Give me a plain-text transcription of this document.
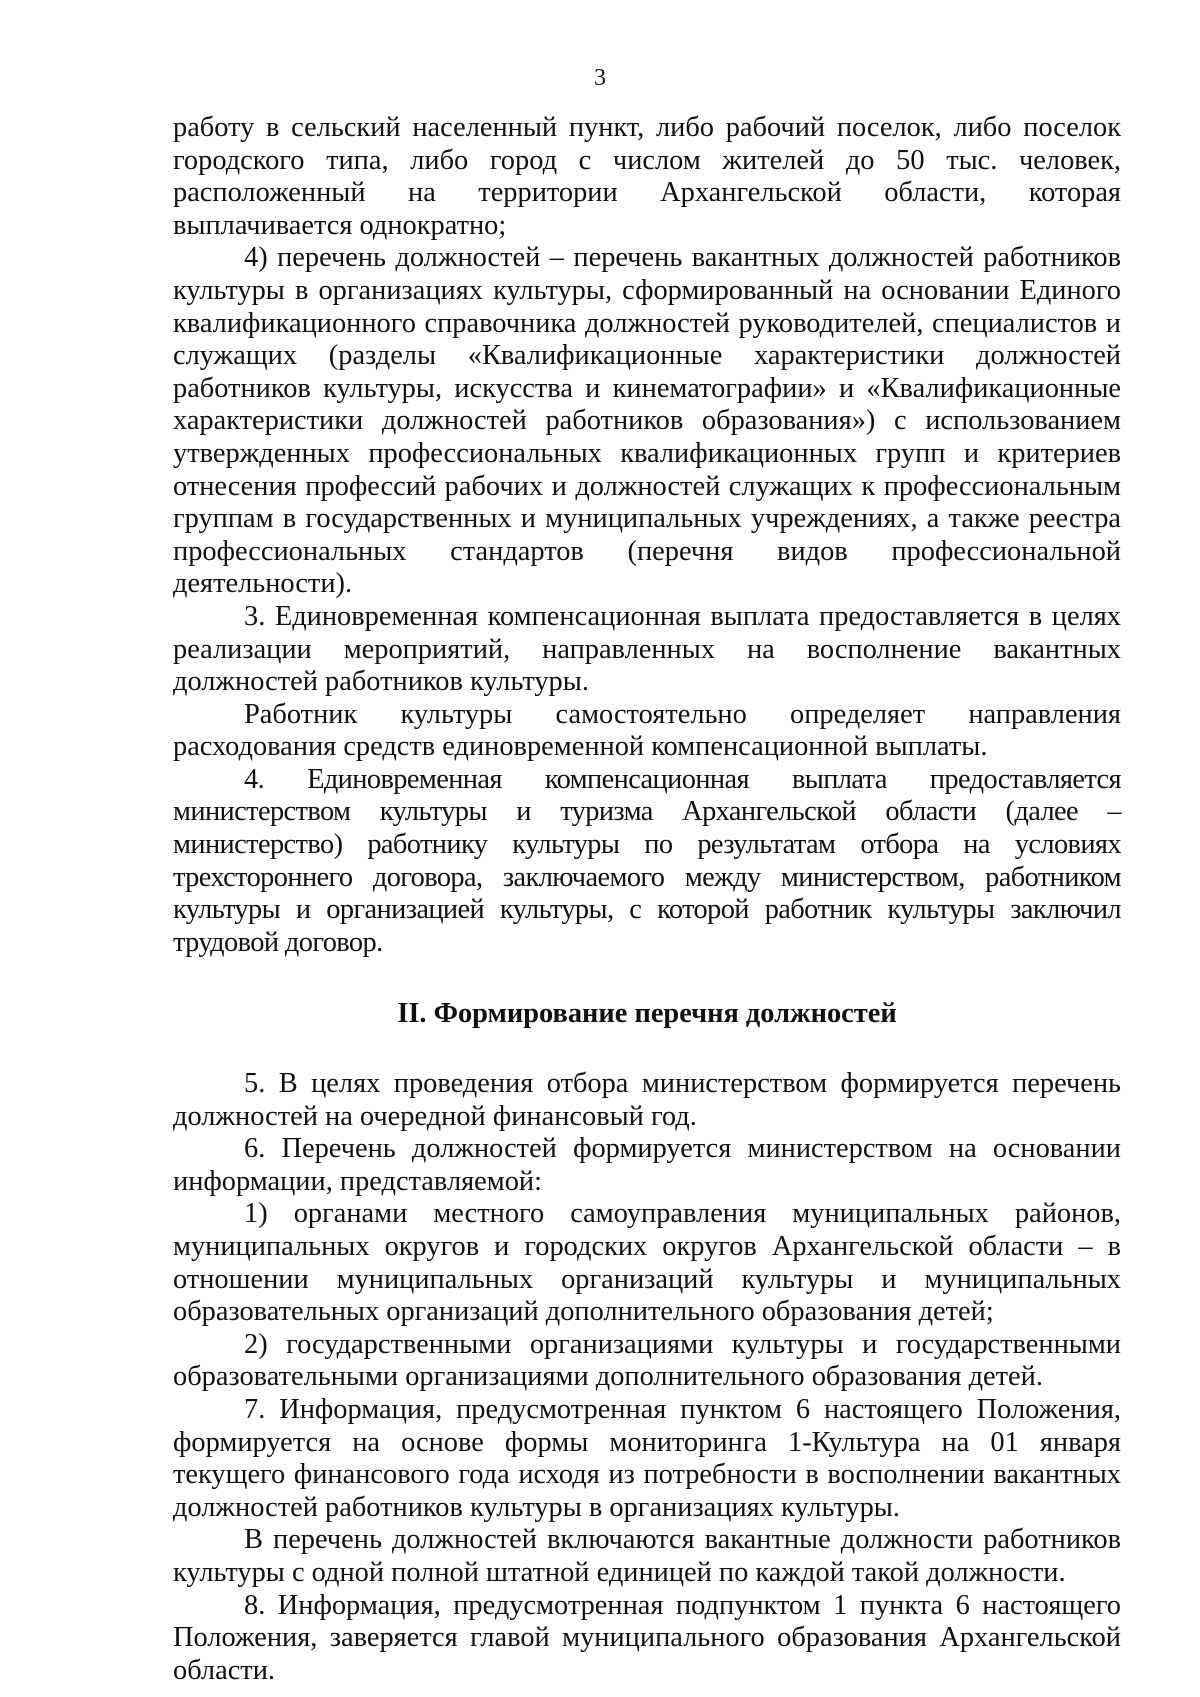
3

работу в сельский населенный пункт, либо рабочий поселок, либо поселок городского типа, либо город с числом жителей до 50 тыс. человек, расположенный на территории Архангельской области, которая выплачивается однократно;

4) перечень должностей – перечень вакантных должностей работников культуры в организациях культуры, сформированный на основании Единого квалификационного справочника должностей руководителей, специалистов и служащих (разделы «Квалификационные характеристики должностей работников культуры, искусства и кинематографии» и «Квалификационные характеристики должностей работников образования») с использованием утвержденных профессиональных квалификационных групп и критериев отнесения профессий рабочих и должностей служащих к профессиональным группам в государственных и муниципальных учреждениях, а также реестра профессиональных стандартов (перечня видов профессиональной деятельности).

3. Единовременная компенсационная выплата предоставляется в целях реализации мероприятий, направленных на восполнение вакантных должностей работников культуры.

Работник культуры самостоятельно определяет направления расходования средств единовременной компенсационной выплаты.

4. Единовременная компенсационная выплата предоставляется министерством культуры и туризма Архангельской области (далее – министерство) работнику культуры по результатам отбора на условиях трехстороннего договора, заключаемого между министерством, работником культуры и организацией культуры, с которой работник культуры заключил трудовой договор.

II. Формирование перечня должностей

5. В целях проведения отбора министерством формируется перечень должностей на очередной финансовый год.

6. Перечень должностей формируется министерством на основании информации, представляемой:

1) органами местного самоуправления муниципальных районов, муниципальных округов и городских округов Архангельской области – в отношении муниципальных организаций культуры и муниципальных образовательных организаций дополнительного образования детей;

2) государственными организациями культуры и государственными образовательными организациями дополнительного образования детей.

7. Информация, предусмотренная пунктом 6 настоящего Положения, формируется на основе формы мониторинга 1-Культура на 01 января текущего финансового года исходя из потребности в восполнении вакантных должностей работников культуры в организациях культуры.

В перечень должностей включаются вакантные должности работников культуры с одной полной штатной единицей по каждой такой должности.

8. Информация, предусмотренная подпунктом 1 пункта 6 настоящего Положения, заверяется главой муниципального образования Архангельской области.
